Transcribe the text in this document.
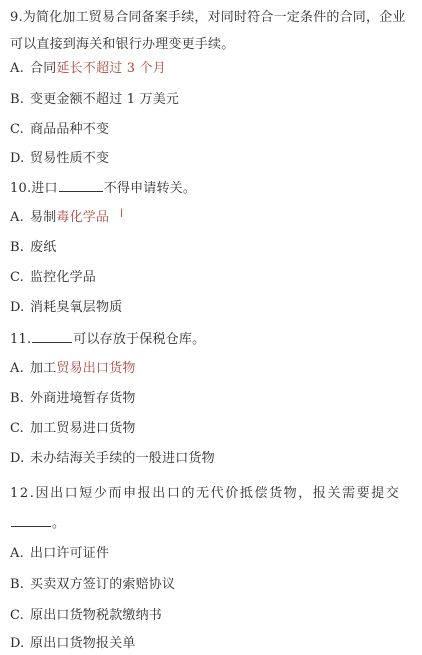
9.为简化加工贸易合同备案手续，对同时符合一定条件的合同，企业
可以直接到海关和银行办理变更手续。
A. 合同延长不超过 3 个月
B. 变更金额不超过 1 万美元
C. 商品品种不变
D. 贸易性质不变
10.进口	不得申请转关。
ǀ
A. 易制毒化学品
B. 废纸
C. 监控化学品
D. 消耗臭氧层物质
11.	可以存放于保税仓库。
A. 加工贸易出口货物
B. 外商进境暂存货物
C. 加工贸易进口货物
D. 未办结海关手续的一般进口货物
12.因出口短少而申报出口的无代价抵偿货物，报关需要提交
。
A. 出口许可证件
B. 买卖双方签订的索赔协议
C. 原出口货物税款缴纳书
D. 原出口货物报关单
